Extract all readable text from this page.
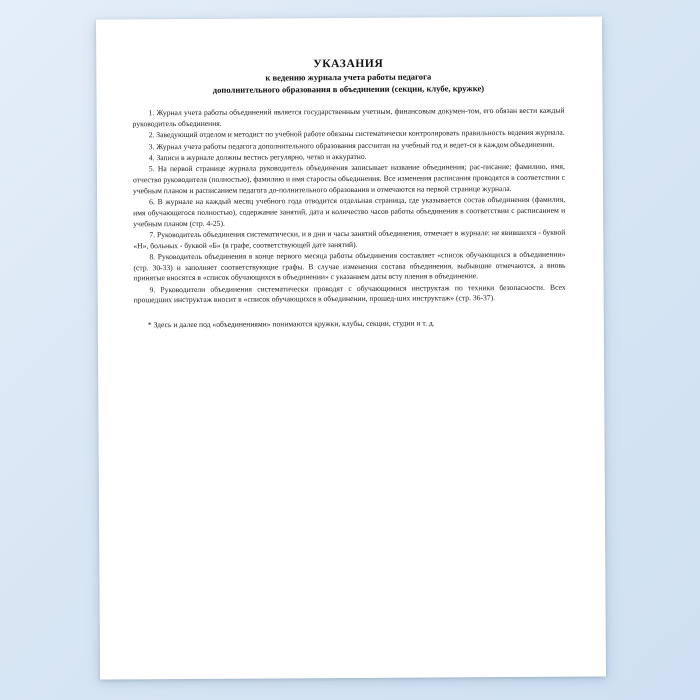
УКАЗАНИЯ
к ведению журнала учета работы педагога
дополнительного образования в объединении (секции, клубе, кружке)

1. Журнал учета работы объединений является государственным учетным, финансовым докумен-том, его обязан вести каждый руководитель объединения.

2. Заведующий отделом и методист по учебной работе обязаны систематически контролировать правильность ведения журнала.

3. Журнал учета работы педагога дополнительного образования рассчитан на учебный год и ведет-ся в каждом объединении.

4. Записи в журнале должны вестись регулярно, четко и аккуратно.

5. На первой странице журнала руководитель объединения записывает название объединения; рас-писание; фамилию, имя, отчество руководителя (полностью), фамилию и имя старосты объединения. Все изменения расписания проводятся в соответствии с учебным планом и расписанием педагога до-полнительного образования и отмечаются на первой странице журнала.

6. В журнале на каждый месяц учебного года отводится отдельная страница, где указывается состав объединения (фамилия, имя обучающегося полностью), содержание занятий, дата и количество часов работы объединения в соответствии с расписанием и учебным планом (стр. 4-25).

7. Руководитель объединения систематически, и в дни и часы занятий объединения, отмечает в журнале: не явившихся - буквой «Н», больных - буквой «Б» (в графе, соответствующей дате занятий).

8. Руководитель объединения в конце первого месяца работы объединения составляет «список обучающихся в объединении» (стр. 30-33) и заполняет соответствующие графы. В случае изменения состава объединения, выбывшие отмечаются, а вновь принятые вносятся в «список обучающихся в объединении» с указанием даты всту пления в объединение.

9. Руководители объединения систематически проводят с обучающимися инструктаж по техники безопасности. Всех прошедших инструктаж вносит в «список обучающихся в объединении, прошед-ших инструктаж» (стр. 36-37).

* Здесь и далее под «объединениями» понимаются кружки, клубы, секции, студии и т. д.
